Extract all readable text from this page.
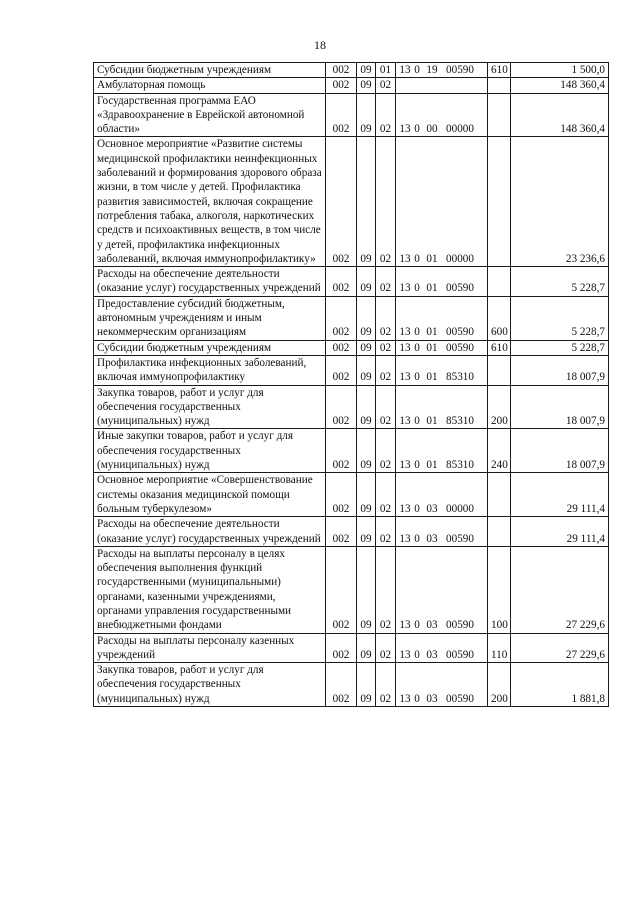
18
Субсидии бюджетным учреждениям	002	09	01	13 0 19 00590	610	1 500,0
Амбулаторная помощь	002	09	02			148 360,4
Государственная программа ЕАО «Здравоохранение в Еврейской автономной области»	002	09	02	13 0 00 00000		148 360,4
Основное мероприятие «Развитие системы медицинской профилактики неинфекционных заболеваний и формирования здорового образа жизни, в том числе у детей. Профилактика развития зависимостей, включая сокращение потребления табака, алкоголя, наркотических средств и психоактивных веществ, в том числе у детей, профилактика инфекционных заболеваний, включая иммунопрофилактику»	002	09	02	13 0 01 00000		23 236,6
Расходы на обеспечение деятельности (оказание услуг) государственных учреждений	002	09	02	13 0 01 00590		5 228,7
Предоставление субсидий бюджетным, автономным учреждениям и иным некоммерческим организациям	002	09	02	13 0 01 00590	600	5 228,7
Субсидии бюджетным учреждениям	002	09	02	13 0 01 00590	610	5 228,7
Профилактика инфекционных заболеваний, включая иммунопрофилактику	002	09	02	13 0 01 85310		18 007,9
Закупка товаров, работ и услуг для обеспечения государственных (муниципальных) нужд	002	09	02	13 0 01 85310	200	18 007,9
Иные закупки товаров, работ и услуг для обеспечения государственных (муниципальных) нужд	002	09	02	13 0 01 85310	240	18 007,9
Основное мероприятие «Совершенствование системы оказания медицинской помощи больным туберкулезом»	002	09	02	13 0 03 00000		29 111,4
Расходы на обеспечение деятельности (оказание услуг) государственных учреждений	002	09	02	13 0 03 00590		29 111,4
Расходы на выплаты персоналу в целях обеспечения выполнения функций государственными (муниципальными) органами, казенными учреждениями, органами управления государственными внебюджетными фондами	002	09	02	13 0 03 00590	100	27 229,6
Расходы на выплаты персоналу казенных учреждений	002	09	02	13 0 03 00590	110	27 229,6
Закупка товаров, работ и услуг для обеспечения государственных (муниципальных) нужд	002	09	02	13 0 03 00590	200	1 881,8
